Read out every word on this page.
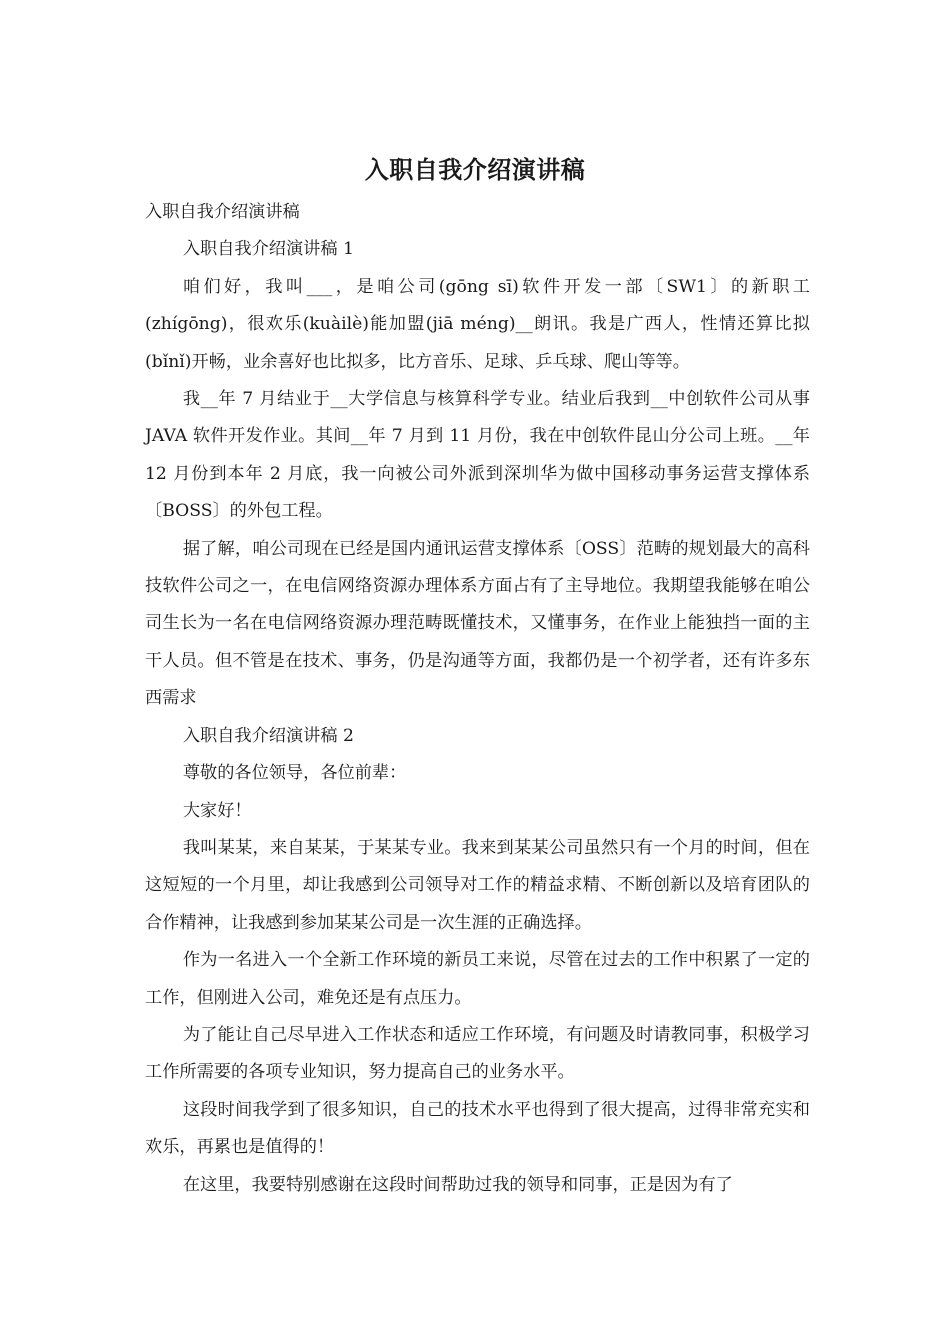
入职自我介绍演讲稿

入职自我介绍演讲稿

入职自我介绍演讲稿 1

咱们好，我叫___，是咱公司(gōng sī)软件开发一部〔SW1〕的新职工(zhígōng)，很欢乐(kuàilè)能加盟(jiā méng)__朗讯。我是广西人，性情还算比拟(bǐnǐ)开畅，业余喜好也比拟多，比方音乐、足球、乒乓球、爬山等等。

我__年 7 月结业于__大学信息与核算科学专业。结业后我到__中创软件公司从事 JAVA 软件开发作业。其间__年 7 月到 11 月份，我在中创软件昆山分公司上班。__年 12 月份到本年 2 月底，我一向被公司外派到深圳华为做中国移动事务运营支撑体系〔BOSS〕的外包工程。

据了解，咱公司现在已经是国内通讯运营支撑体系〔OSS〕范畴的规划最大的高科技软件公司之一，在电信网络资源办理体系方面占有了主导地位。我期望我能够在咱公司生长为一名在电信网络资源办理范畴既懂技术，又懂事务，在作业上能独挡一面的主干人员。但不管是在技术、事务，仍是沟通等方面，我都仍是一个初学者，还有许多东西需求

入职自我介绍演讲稿 2

尊敬的各位领导，各位前辈：

大家好！

我叫某某，来自某某，于某某专业。我来到某某公司虽然只有一个月的时间，但在这短短的一个月里，却让我感到公司领导对工作的精益求精、不断创新以及培育团队的合作精神，让我感到参加某某公司是一次生涯的正确选择。

作为一名进入一个全新工作环境的新员工来说，尽管在过去的工作中积累了一定的工作，但刚进入公司，难免还是有点压力。

为了能让自己尽早进入工作状态和适应工作环境，有问题及时请教同事，积极学习工作所需要的各项专业知识，努力提高自己的业务水平。

这段时间我学到了很多知识，自己的技术水平也得到了很大提高，过得非常充实和欢乐，再累也是值得的！

在这里，我要特别感谢在这段时间帮助过我的领导和同事，正是因为有了
